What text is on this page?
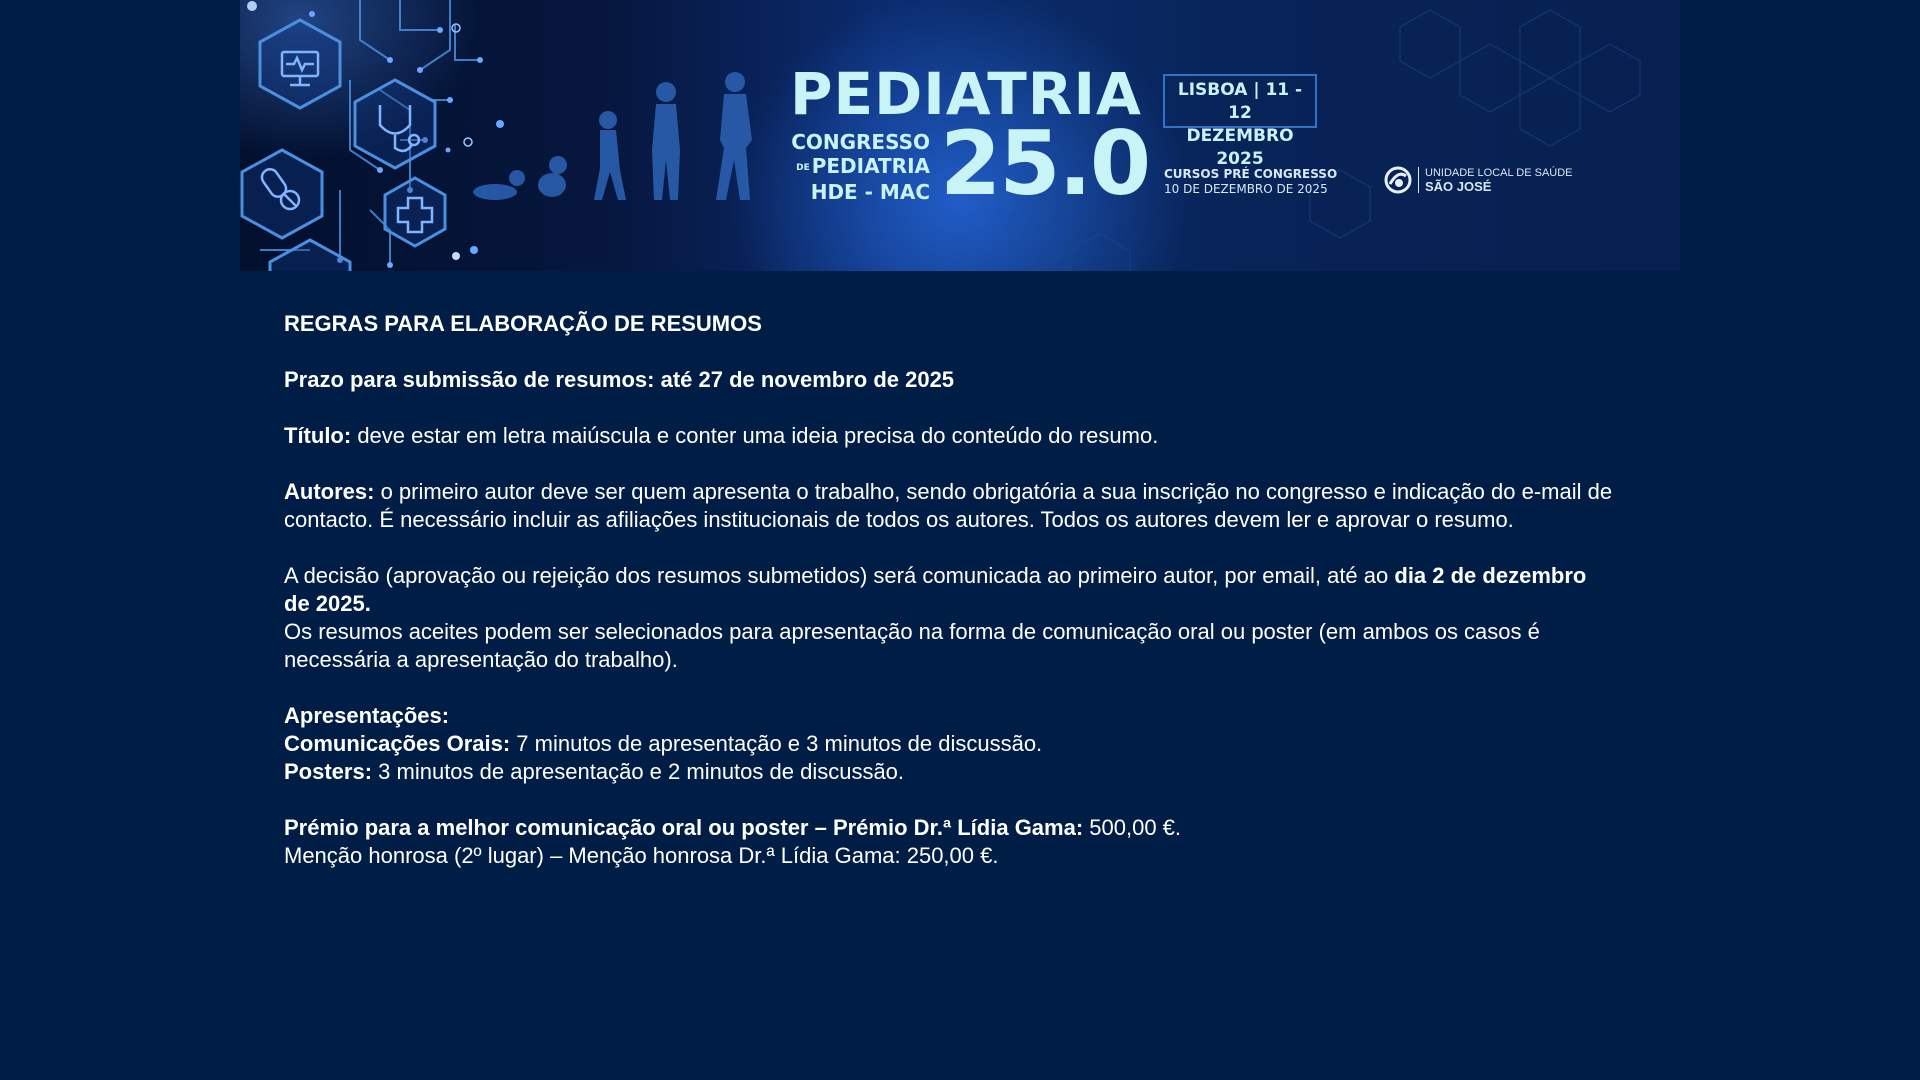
PEDIATRIA
CONGRESSO
DE PEDIATRIA
HDE - MAC 25.0
LISBOA | 11 - 12
DEZEMBRO 2025
CURSOS PRÉ CONGRESSO
10 DE DEZEMBRO DE 2025
UNIDADE LOCAL DE SAÚDE
SÃO JOSÉ

REGRAS PARA ELABORAÇÃO DE RESUMOS

Prazo para submissão de resumos: até 27 de novembro de 2025

Título: deve estar em letra maiúscula e conter uma ideia precisa do conteúdo do resumo.

Autores: o primeiro autor deve ser quem apresenta o trabalho, sendo obrigatória a sua inscrição no congresso e indicação do e-mail de contacto. É necessário incluir as afiliações institucionais de todos os autores. Todos os autores devem ler e aprovar o resumo.

A decisão (aprovação ou rejeição dos resumos submetidos) será comunicada ao primeiro autor, por email, até ao dia 2 de dezembro de 2025.

Os resumos aceites podem ser selecionados para apresentação na forma de comunicação oral ou poster (em ambos os casos é necessária a apresentação do trabalho).

Apresentações:

Comunicações Orais: 7 minutos de apresentação e 3 minutos de discussão.

Posters: 3 minutos de apresentação e 2 minutos de discussão.

Prémio para a melhor comunicação oral ou poster – Prémio Dr.ª Lídia Gama: 500,00 €.

Menção honrosa (2º lugar) – Menção honrosa Dr.ª Lídia Gama: 250,00 €.
